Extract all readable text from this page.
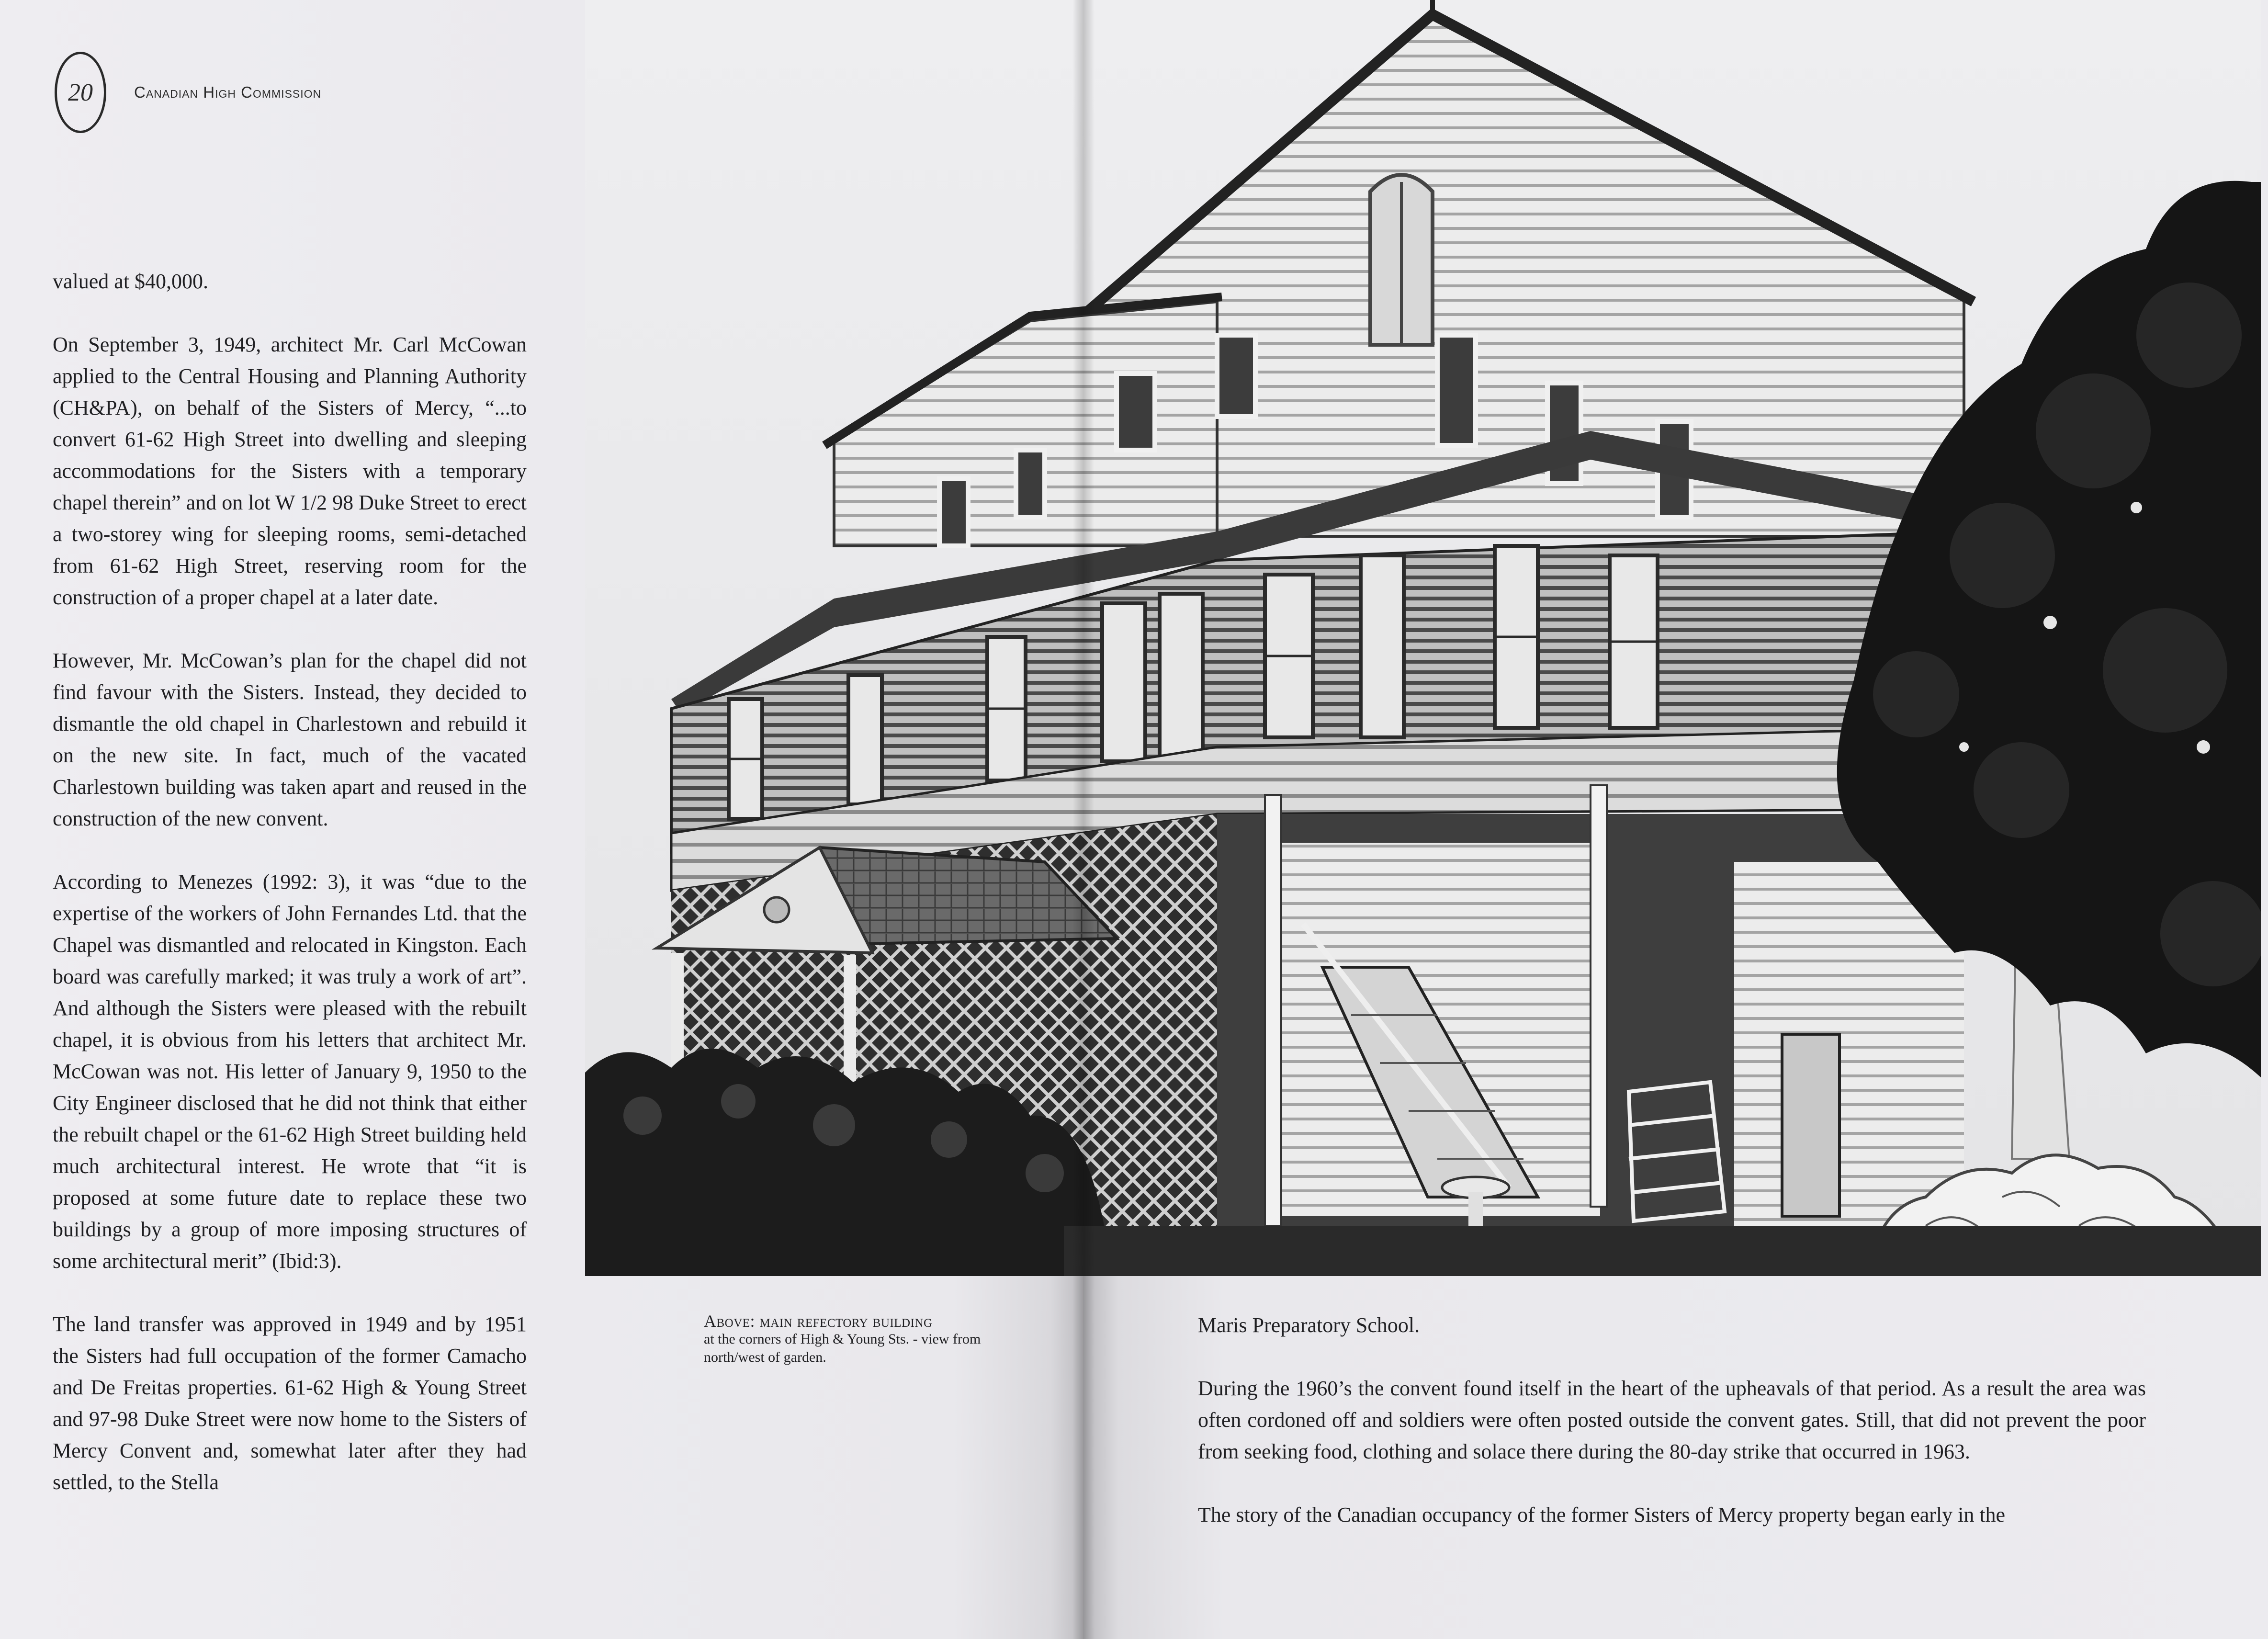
20	Canadian High Commission

valued at $40,000.

On September 3, 1949, architect Mr. Carl McCowan applied to the Central Housing and Planning Authority (CH&PA), on behalf of the Sisters of Mercy, “...to convert 61-62 High Street into dwelling and sleeping accommodations for the Sisters with a temporary chapel therein” and on lot W 1/2 98 Duke Street to erect a two-storey wing for sleeping rooms, semi-detached from 61-62 High Street, reserving room for the construction of a proper chapel at a later date.

However, Mr. McCowan’s plan for the chapel did not find favour with the Sisters. Instead, they decided to dismantle the old chapel in Charlestown and rebuild it on the new site. In fact, much of the vacated Charlestown building was taken apart and reused in the construction of the new convent.

According to Menezes (1992: 3), it was “due to the expertise of the workers of John Fernandes Ltd. that the Chapel was dismantled and relocated in Kingston. Each board was carefully marked; it was truly a work of art”. And although the Sisters were pleased with the rebuilt chapel, it is obvious from his letters that architect Mr. McCowan was not. His letter of January 9, 1950 to the City Engineer disclosed that he did not think that either the rebuilt chapel or the 61-62 High Street building held much architectural interest. He wrote that “it is proposed at some future date to replace these two buildings by a group of more imposing structures of some architectural merit” (Ibid:3).

The land transfer was approved in 1949 and by 1951 the Sisters had full occupation of the former Camacho and De Freitas properties. 61-62 High & Young Street and 97-98 Duke Street were now home to the Sisters of Mercy Convent and, somewhat later after they had settled, to the Stella

Above: main refectory building
at the corners of High & Young Sts. - view from north/west of garden.

Maris Preparatory School.

During the 1960’s the convent found itself in the heart of the upheavals of that period. As a result the area was often cordoned off and soldiers were often posted outside the convent gates. Still, that did not prevent the poor from seeking food, clothing and solace there during the 80-day strike that occurred in 1963.

The story of the Canadian occupancy of the former Sisters of Mercy property began early in the
